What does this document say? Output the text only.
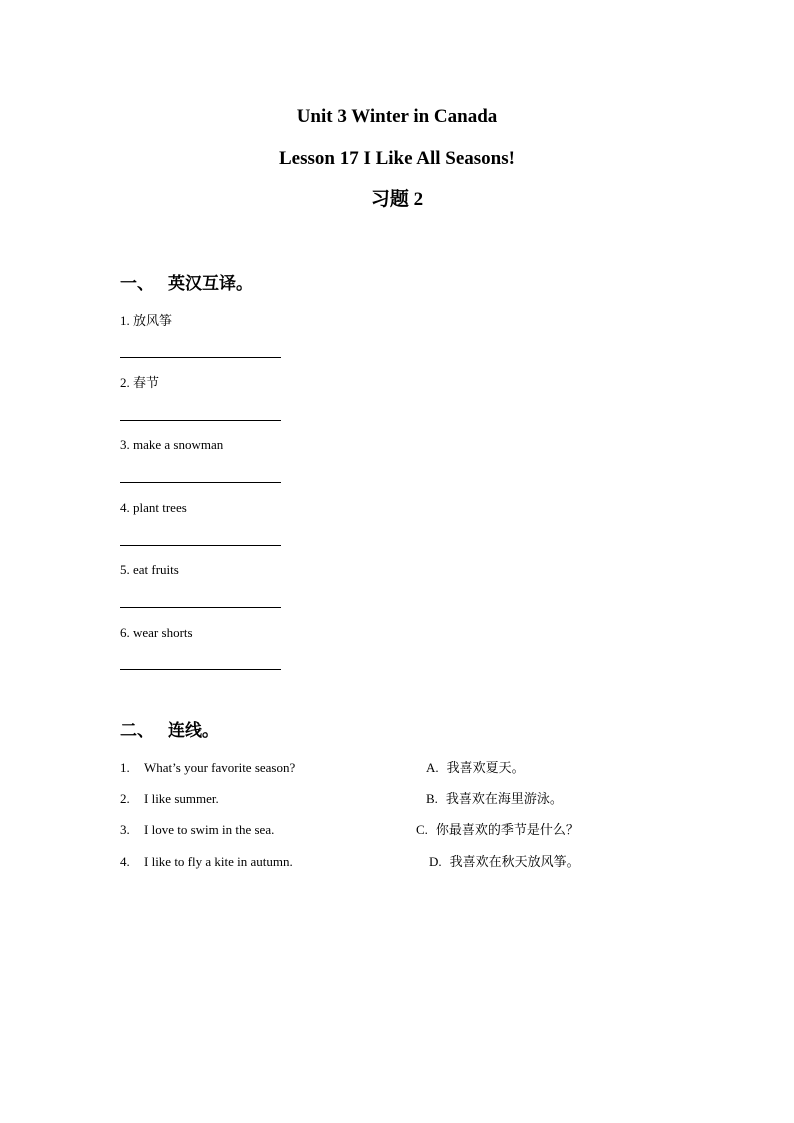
Unit 3 Winter in Canada
Lesson 17 I Like All Seasons!
习题 2
一、 英汉互译。
1. 放风筝
2. 春节
3. make a snowman
4. plant trees
5. eat fruits
6. wear shorts
二、 连线。
1. What’s your favorite season?
2. I like summer.
3. I love to swim in the sea.
4. I like to fly a kite in autumn.
A. 我喜欢夏天。
B. 我喜欢在海里游泳。
C. 你最喜欢的季节是什么？
D. 我喜欢在秋天放风筝。
